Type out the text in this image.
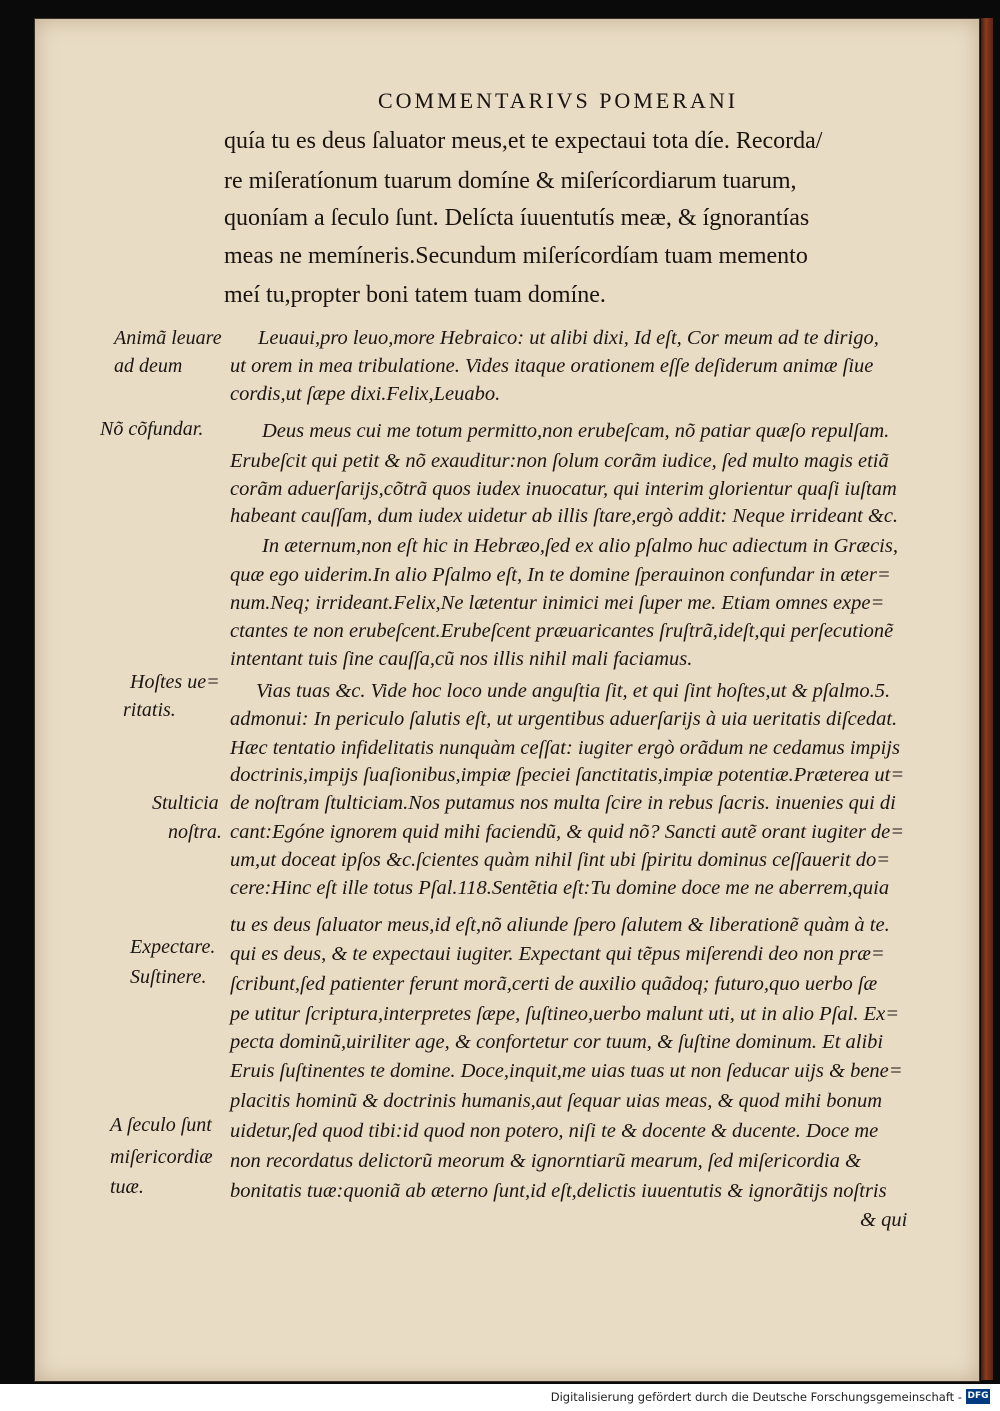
COMMENTARIVS POMERANI
quía tu es deus ſaluator meus,et te expectaui tota díe. Recorda/
re miſeratíonum tuarum domíne & miſerícordiarum tuarum,
quoníam a ſeculo ſunt. Delícta íuuentutís meæ, & ígnorantías
meas ne memíneris.Secundum miſerícordíam tuam memento
meí tu,propter boni tatem tuam domíne.
Leuaui,pro leuo,more Hebraico: ut alibi dixi, Id eſt, Cor meum ad te dirigo,
ut orem in mea tribulatione. Vides itaque orationem eſſe deſiderum animæ ſiue
cordis,ut ſæpe dixi.Felix,Leuabo.
Deus meus cui me totum permitto,non erubeſcam, nõ patiar quæſo repulſam.
Erubeſcit qui petit & nõ exauditur:non ſolum corãm iudice, ſed multo magis etiã
corãm aduerſarijs,cõtrã quos iudex inuocatur, qui interim glorientur quaſi iuſtam
habeant cauſſam, dum iudex uidetur ab illis ſtare,ergò addit: Neque irrideant &c.
In æternum,non eſt hic in Hebræo,ſed ex alio pſalmo huc adiectum in Græcis,
quæ ego uiderim.In alio Pſalmo eſt, In te domine ſperauinon confundar in æter=
num.Neq; irrideant.Felix,Ne lætentur inimici mei ſuper me. Etiam omnes expe=
ctantes te non erubeſcent.Erubeſcent præuaricantes ſruſtrã,ideſt,qui perſecutionẽ
intentant tuis ſine cauſſa,cũ nos illis nihil mali faciamus.
Vias tuas &c. Vide hoc loco unde anguſtia ſit, et qui ſint hoſtes,ut & pſalmo.5.
admonui: In periculo ſalutis eſt, ut urgentibus aduerſarijs à uia ueritatis diſcedat.
Hæc tentatio infidelitatis nunquàm ceſſat: iugiter ergò orãdum ne cedamus impijs
doctrinis,impijs ſuaſionibus,impiæ ſpeciei ſanctitatis,impiæ potentiæ.Præterea ut=
de noſtram ſtulticiam.Nos putamus nos multa ſcire in rebus ſacris. inuenies qui di
cant:Egóne ignorem quid mihi faciendũ, & quid nõ? Sancti autẽ orant iugiter de=
um,ut doceat ipſos &c.ſcientes quàm nihil ſint ubi ſpiritu dominus ceſſauerit do=
cere:Hinc eſt ille totus Pſal.118.Sentẽtia eſt:Tu domine doce me ne aberrem,quia
tu es deus ſaluator meus,id eſt,nõ aliunde ſpero ſalutem & liberationẽ quàm à te.
qui es deus, & te expectaui iugiter. Expectant qui tẽpus miſerendi deo non præ=
ſcribunt,ſed patienter ferunt morã,certi de auxilio quãdoq; futuro,quo uerbo ſæ
pe utitur ſcriptura,interpretes ſæpe, ſuſtineo,uerbo malunt uti, ut in alio Pſal. Ex=
pecta dominũ,uiriliter age, & confortetur cor tuum, & ſuſtine dominum. Et alibi
Eruis ſuſtinentes te domine. Doce,inquit,me uias tuas ut non ſeducar uijs & bene=
placitis hominũ & doctrinis humanis,aut ſequar uias meas, & quod mihi bonum
uidetur,ſed quod tibi:id quod non potero, niſi te & docente & ducente. Doce me
non recordatus delictorũ meorum & ignorntiarũ mearum, ſed miſericordia &
bonitatis tuæ:quoniã ab æterno ſunt,id eſt,delictis iuuentutis & ignorãtijs noſtris
& qui
Animã leuare
ad deum
Nõ cõfundar.
Hoſtes ue=
ritatis.
Stulticia
noſtra.
Expectare.
Suſtinere.
A ſeculo ſunt
miſericordiæ
tuæ.
Digitalisierung gefördert durch die Deutsche Forschungsgemeinschaft - DFG
